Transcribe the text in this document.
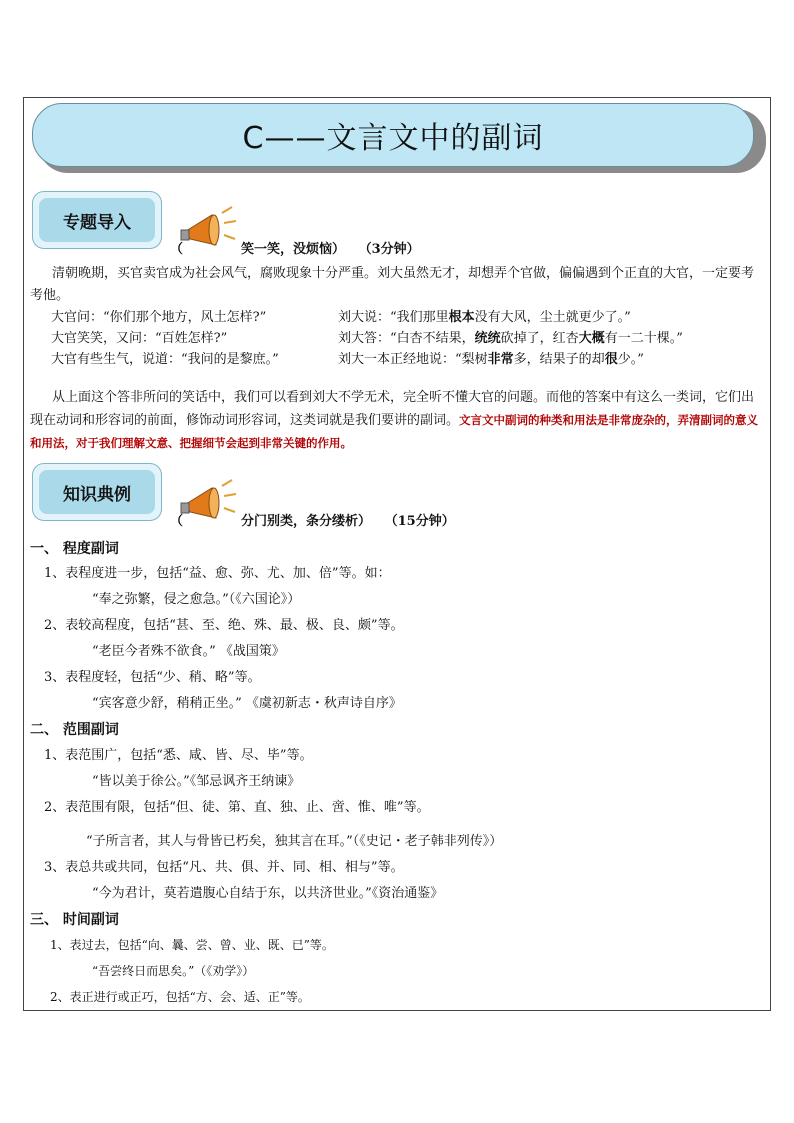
C——文言文中的副词
专题导入
（	笑一笑，没烦恼） （3分钟）
清朝晚期，买官卖官成为社会风气，腐败现象十分严重。刘大虽然无才，却想弄个官做，偏偏遇到个正直的大官，一定要考考他。
大官问：“你们那个地方，风土怎样?”
大官笑笑，又问：“百姓怎样?”
大官有些生气，说道：“我问的是黎庶。”
刘大说：“我们那里根本没有大风，尘土就更少了。”
刘大答：“白杏不结果，统统砍掉了，红杏大概有一二十棵。”
刘大一本正经地说：“梨树非常多，结果子的却很少。”
从上面这个答非所问的笑话中，我们可以看到刘大不学无术，完全听不懂大官的问题。而他的答案中有这么一类词，它们出现在动词和形容词的前面，修饰动词形容词，这类词就是我们要讲的副词。文言文中副词的种类和用法是非常庞杂的，弄清副词的意义和用法，对于我们理解文意、把握细节会起到非常关键的作用。
知识典例
（	分门别类，条分缕析） （15分钟）
一、 程度副词
1、表程度进一步，包括“益、愈、弥、尤、加、倍”等。如：
“奉之弥繁，侵之愈急。”（《六国论》）
2、表较高程度，包括“甚、至、绝、殊、最、极、良、颇”等。
“老臣今者殊不欲食。” 《战国策》
3、表程度轻，包括“少、稍、略”等。
“宾客意少舒，稍稍正坐。” 《虞初新志・秋声诗自序》
二、 范围副词
1、表范围广，包括“悉、咸、皆、尽、毕”等。
“皆以美于徐公。”《邹忌讽齐王纳谏》
2、表范围有限，包括“但、徒、第、直、独、止、啻、惟、唯”等。
“子所言者，其人与骨皆已朽矣，独其言在耳。”（《史记・老子韩非列传》）
3、表总共或共同，包括“凡、共、俱、并、同、相、相与”等。
“今为君计，莫若遣腹心自结于东，以共济世业。”《资治通鉴》
三、 时间副词
1、表过去，包括“向、曩、尝、曾、业、既、已”等。
“吾尝终日而思矣。”（《劝学》）
2、表正进行或正巧，包括“方、会、适、正”等。
